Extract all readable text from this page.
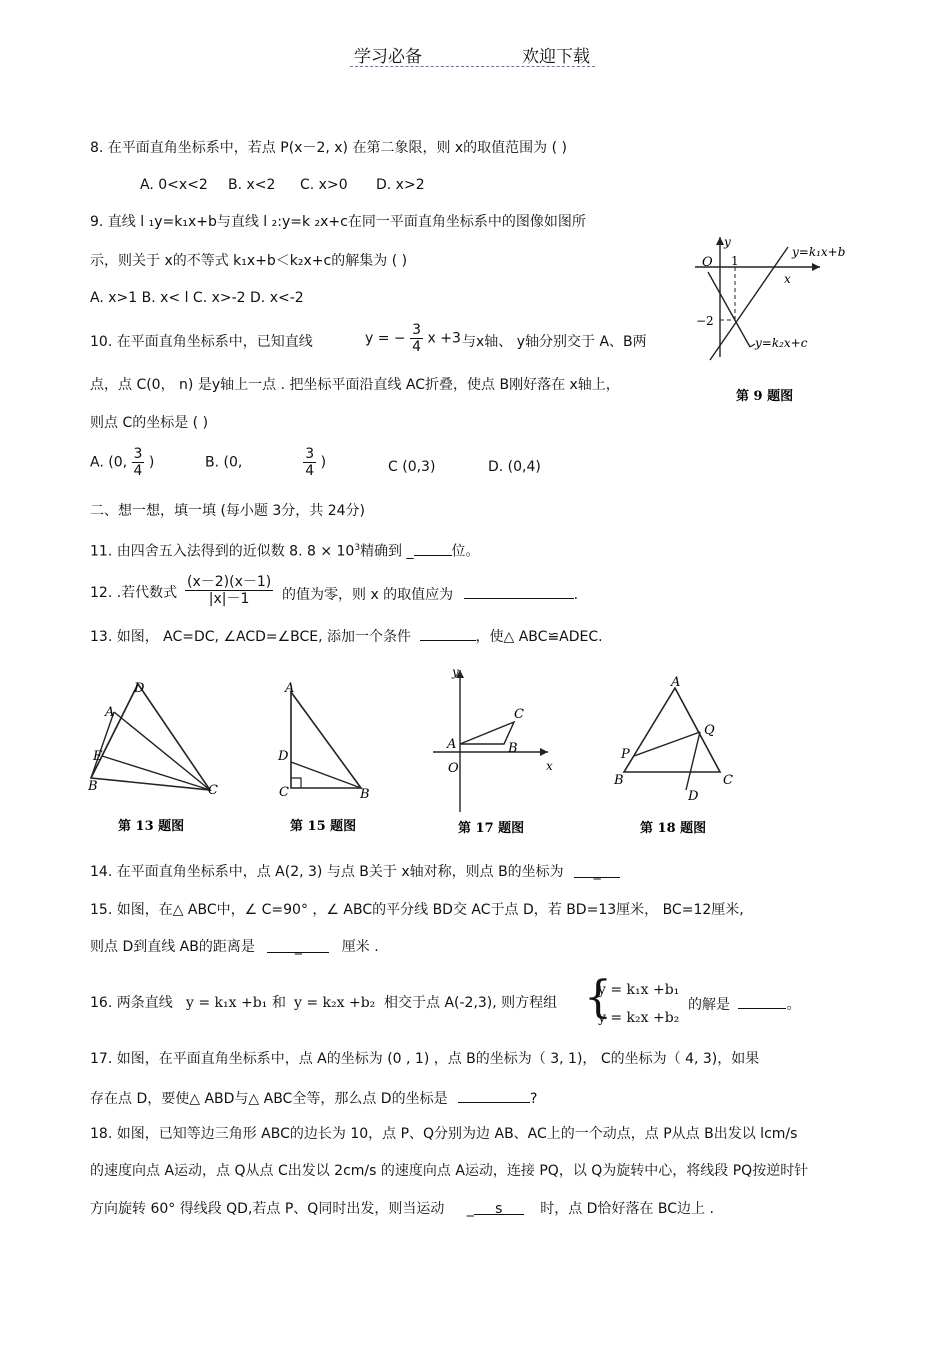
学习必备	欢迎下载
8. 在平面直角坐标系中，若点 P(x－2, x) 在第二象限，则 x的取值范围为 ( )
A. 0<x<2 B. x<2 C. x>0 D. x>2
9. 直线 l ₁y=k₁x+b与直线 l ₂:y=k ₂x+c在同一平面直角坐标系中的图像如图所
示，则关于 x的不等式 k₁x+b＜k₂x+c的解集为 ( )
A. x>1 B. x< l C. x>-2 D. x<-2
y
x
O 1
−2
y=k₁x+b
y=k₂x+c
第 9 题图
10. 在平面直角坐标系中，已知直线	y = − $\frac{3}{4}$ x +3 与x轴、 y轴分别交于 A、B两
点，点 C(0， n) 是y轴上一点 . 把坐标平面沿直线 AC折叠，使点 B刚好落在 x轴上，
则点 C的坐标是 ( )
A. (0, $\frac{3}{4}$ )	B. (0,	$\frac{3}{4}$ )	C (0,3)	D. (0,4)
二、想一想，填一填 (每小题 3分，共 24分)
11. 由四舍五入法得到的近似数 8. $8 \times 10^3$精确到 _	位。
12. .若代数式 $\frac{(x-2)(x-1)}{|x|-1}$ 的值为零，则 x 的取值应为	.
13. 如图， AC=DC, ∠ACD=∠BCE, 添加一个条件	，使△ ABC≌ADEC.
D
A
E
B	C
第 13 题图
A
D
C	B
第 15 题图
y
C
A	B
O	x
第 17 题图
A
Q
P
B	C
D
第 18 题图
14. 在平面直角坐标系中，点 A(2, 3) 与点 B关于 x轴对称，则点 B的坐标为 _
15. 如图，在△ ABC中，∠ C=90° ，∠ ABC的平分线 BD交 AC于点 D，若 BD=13厘米， BC=12厘米,
则点 D到直线 AB的距离是	_	厘米 .
16. 两条直线 y = k₁x +b₁ 和 y = k₂x +b₂ 相交于点 A(-2,3), 则方程组 {
y = k₁x +b₁
y = k₂x +b₂
的解是	。
17. 如图，在平面直角坐标系中，点 A的坐标为 (0 , 1) ，点 B的坐标为（ 3, 1)， C的坐标为（ 4, 3)，如果
存在点 D，要使△ ABD与△ ABC全等，那么点 D的坐标是	?
18. 如图，已知等边三角形 ABC的边长为 10，点 P、Q分别为边 AB、AC上的一个动点，点 P从点 B出发以 lcm/s
的速度向点 A运动，点 Q从点 C出发以 2cm/s 的速度向点 A运动，连接 PQ，以 Q为旋转中心，将线段 PQ按逆时针
方向旋转 60° 得线段 QD,若点 P、Q同时出发，则当运动 _ s	时，点 D恰好落在 BC边上 .
